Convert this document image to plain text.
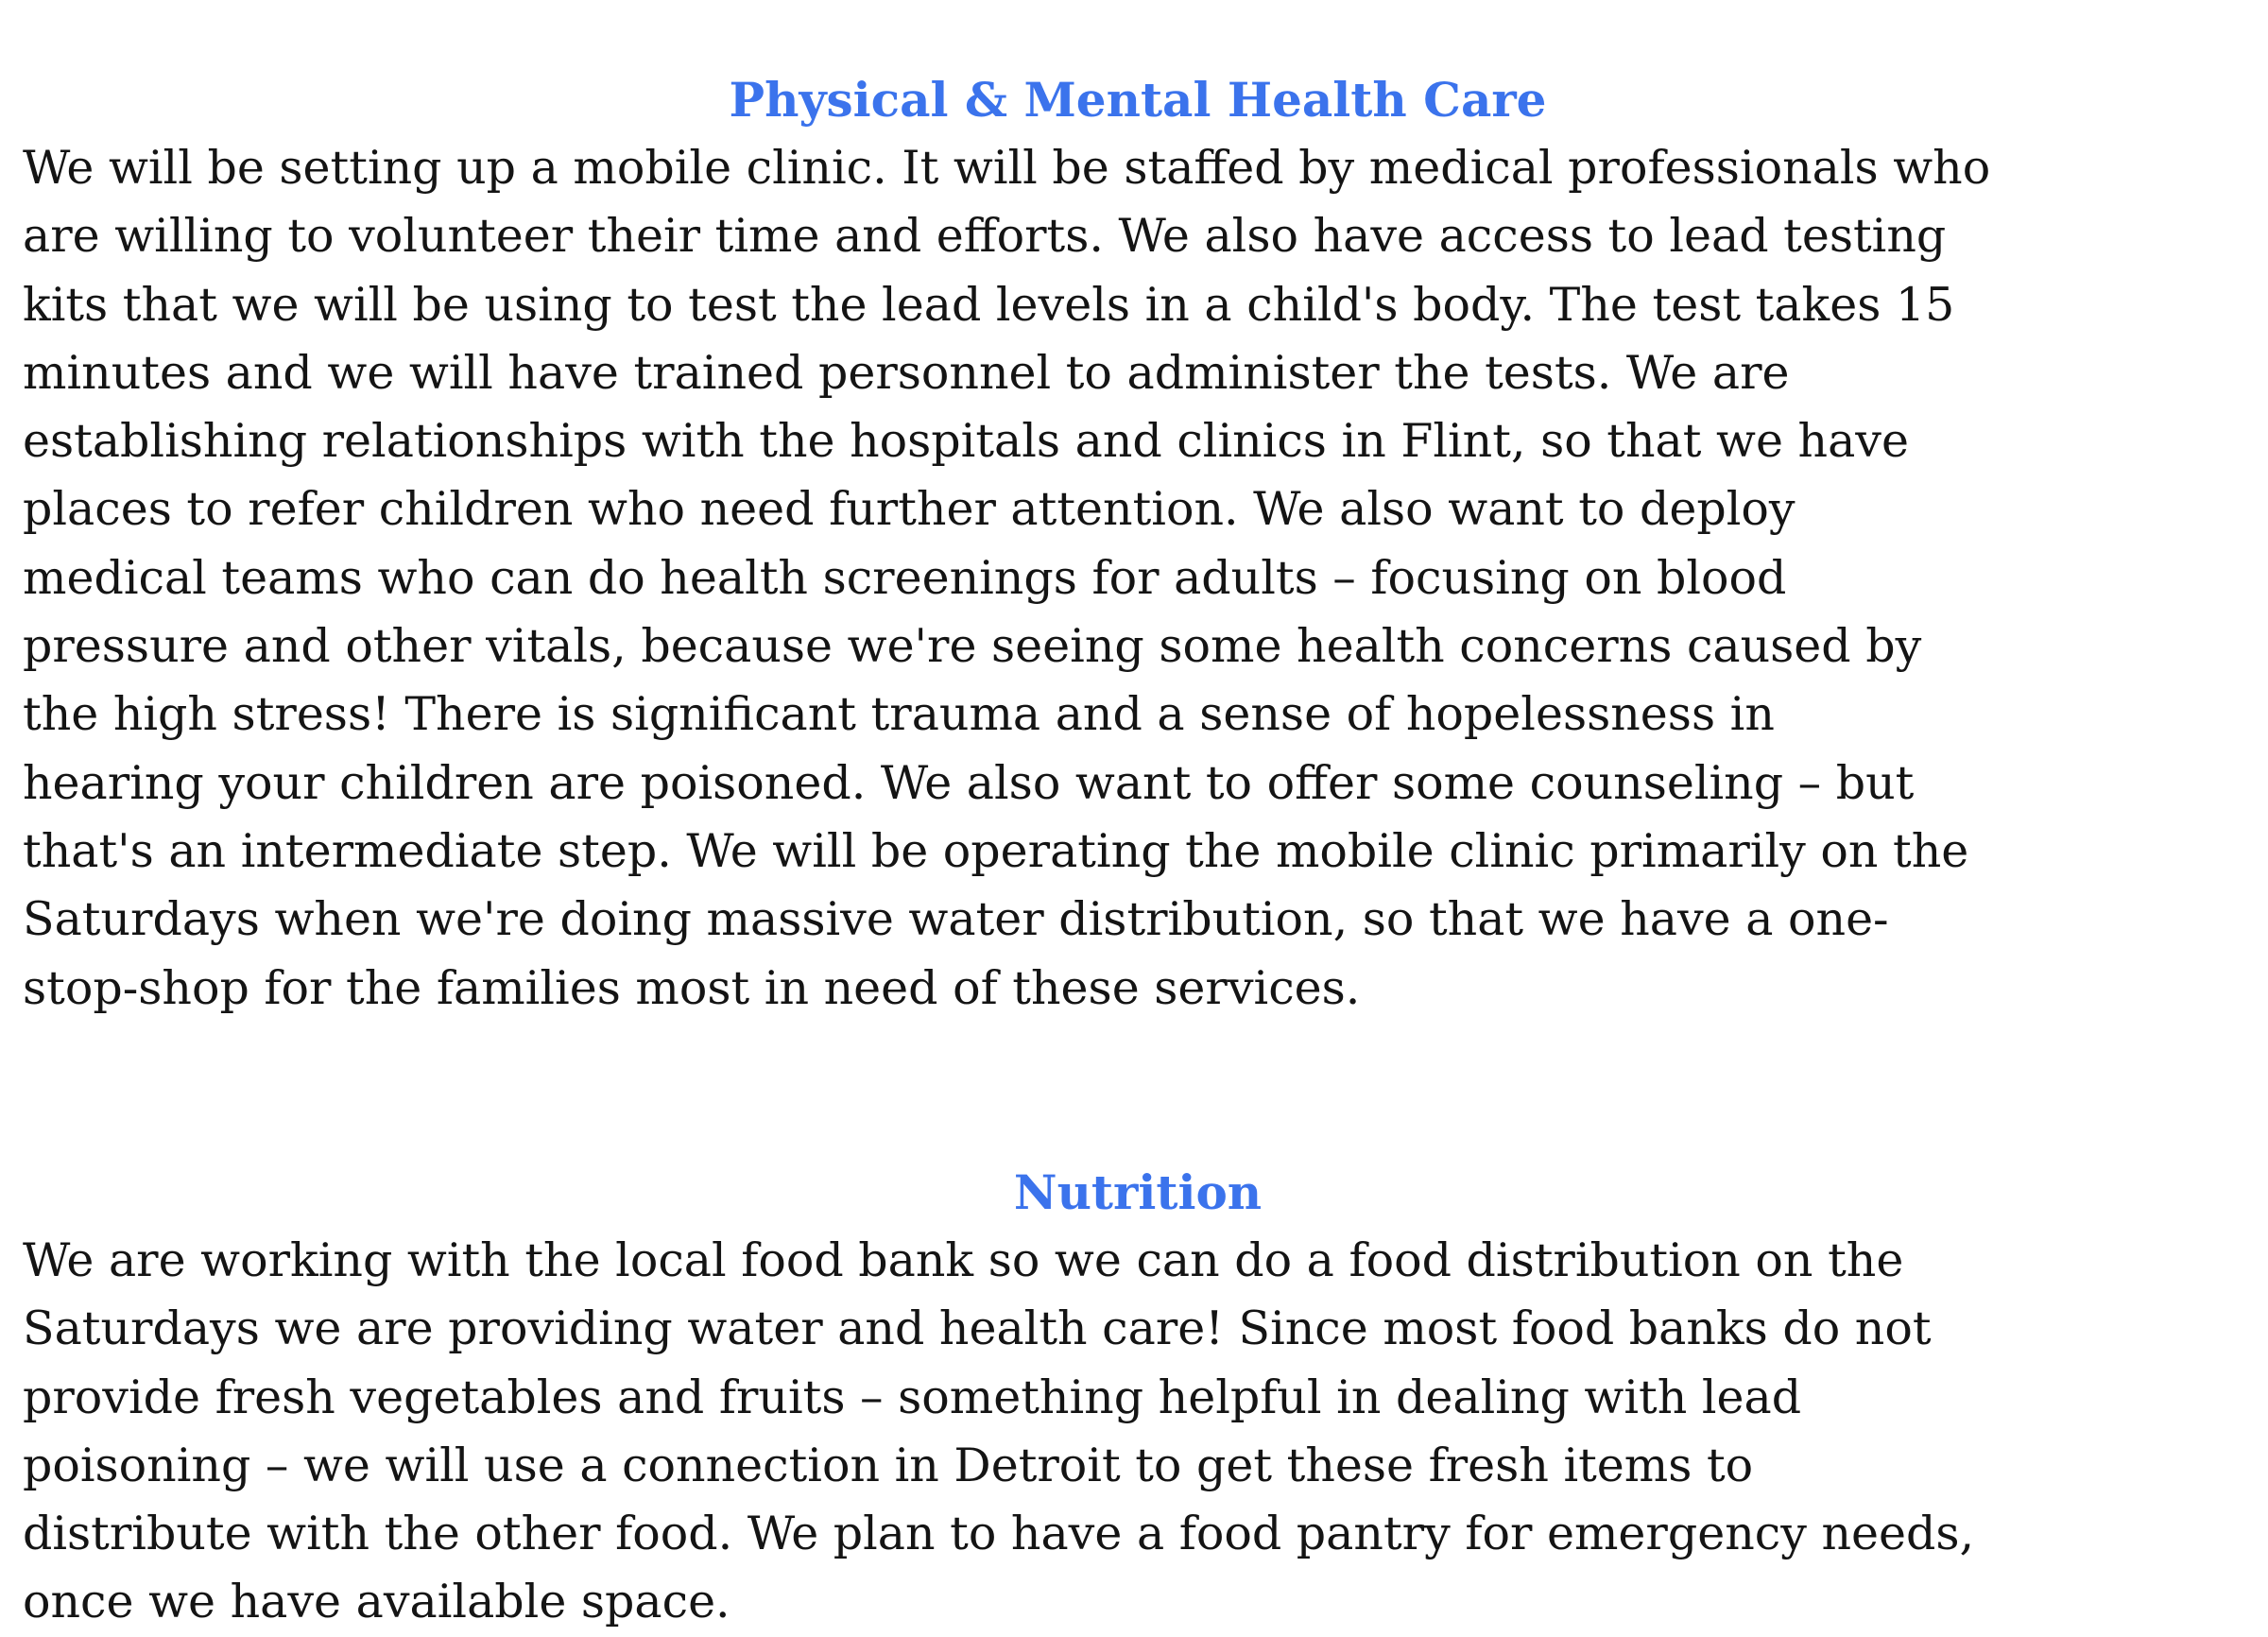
Physical & Mental Health Care

We will be setting up a mobile clinic. It will be staffed by medical professionals who
are willing to volunteer their time and efforts. We also have access to lead testing
kits that we will be using to test the lead levels in a child's body. The test takes 15
minutes and we will have trained personnel to administer the tests. We are
establishing relationships with the hospitals and clinics in Flint, so that we have
places to refer children who need further attention. We also want to deploy
medical teams who can do health screenings for adults – focusing on blood
pressure and other vitals, because we're seeing some health concerns caused by
the high stress! There is significant trauma and a sense of hopelessness in
hearing your children are poisoned. We also want to offer some counseling – but
that's an intermediate step. We will be operating the mobile clinic primarily on the
Saturdays when we're doing massive water distribution, so that we have a one-
stop-shop for the families most in need of these services.

Nutrition

We are working with the local food bank so we can do a food distribution on the
Saturdays we are providing water and health care! Since most food banks do not
provide fresh vegetables and fruits – something helpful in dealing with lead
poisoning – we will use a connection in Detroit to get these fresh items to
distribute with the other food. We plan to have a food pantry for emergency needs,
once we have available space.
